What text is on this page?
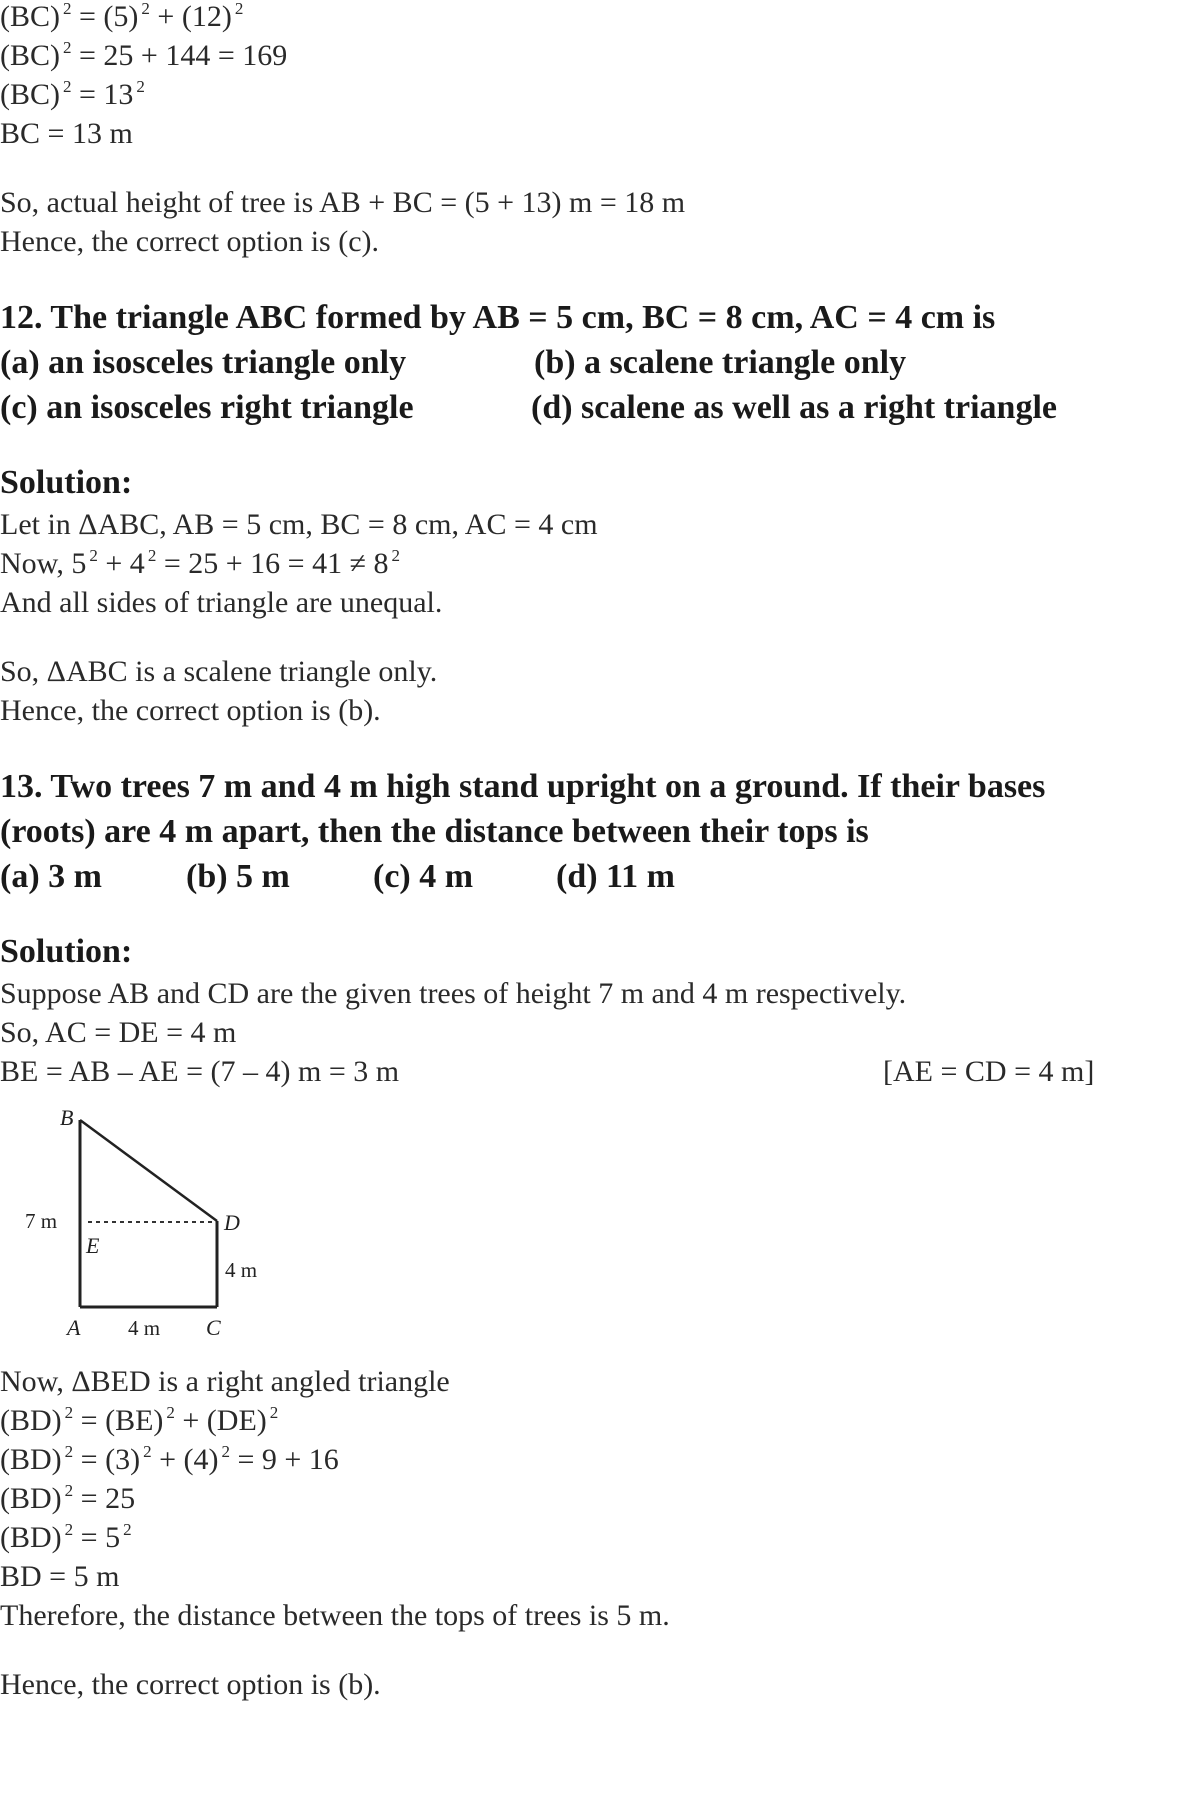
(BC) $^2$ = (5) $^2$ + (12) $^2$
(BC) $^2$ = 25 + 144 = 169
(BC) $^2$ = 13 $^2$
BC = 13 m
So, actual height of tree is AB + BC = (5 + 13) m = 18 m
Hence, the correct option is (c).
12. The triangle ABC formed by AB = 5 cm, BC = 8 cm, AC = 4 cm is
(a) an isosceles triangle only	(b) a scalene triangle only
(c) an isosceles right triangle	(d) scalene as well as a right triangle
Solution:
Let in ΔABC, AB = 5 cm, BC = 8 cm, AC = 4 cm
Now, 5 $^2$ + 4 $^2$ = 25 + 16 = 41 ≠ 8 $^2$
And all sides of triangle are unequal.
So, ΔABC is a scalene triangle only.
Hence, the correct option is (b).
13. Two trees 7 m and 4 m high stand upright on a ground. If their bases
(roots) are 4 m apart, then the distance between their tops is
(a) 3 m	(b) 5 m	(c) 4 m	(d) 11 m
Solution:
Suppose AB and CD are the given trees of height 7 m and 4 m respectively.
So, AC = DE = 4 m
BE = AB – AE = (7 – 4) m = 3 m	[AE = CD = 4 m]
B
7 m
E
D
4 m
A 4 m C
Now, ΔBED is a right angled triangle
(BD) $^2$ = (BE) $^2$ + (DE) $^2$
(BD) $^2$ = (3) $^2$ + (4) $^2$ = 9 + 16
(BD) $^2$ = 25
(BD) $^2$ = 5 $^2$
BD = 5 m
Therefore, the distance between the tops of trees is 5 m.
Hence, the correct option is (b).
